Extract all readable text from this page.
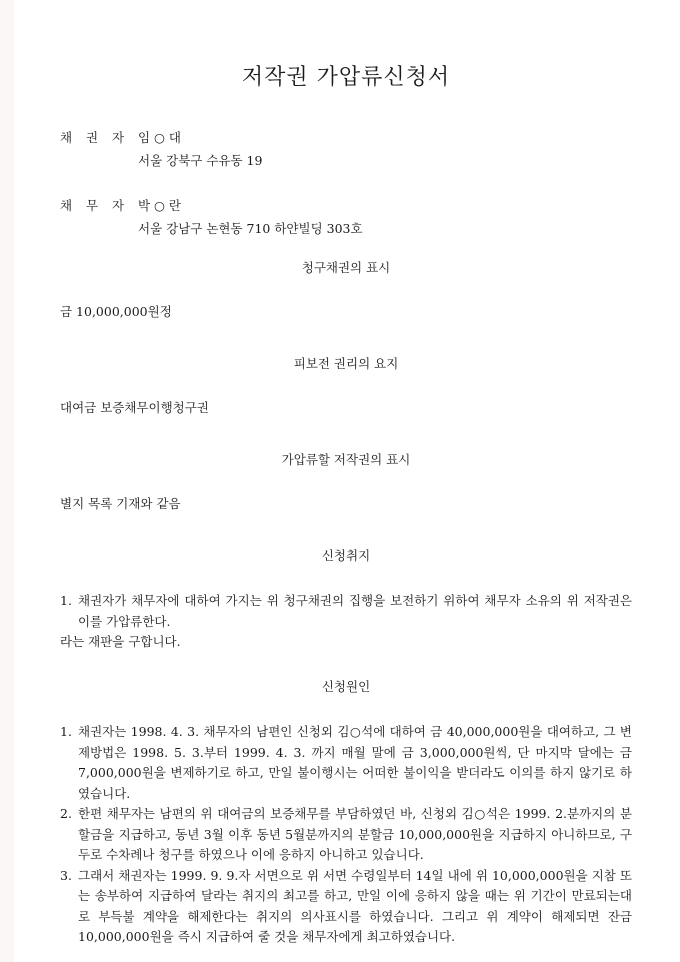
저작권 가압류신청서
채 권 자	임 ○ 대
서울 강북구 수유동 19
채 무 자	박 ○ 란
서울 강남구 논현동 710 하얀빌딩 303호
청구채권의 표시

금 10,000,000원정

피보전 권리의 요지

대여금 보증채무이행청구권

가압류할 저작권의 표시

별지 목록 기재와 같음

신청취지
1. 채권자가 채무자에 대하여 가지는 위 청구채권의 집행을 보전하기 위하여 채무자 소유의 위 저작권은 이를 가압류한다.

라는 재판을 구합니다.

신청원인
1. 채권자는 1998. 4. 3. 채무자의 남편인 신청외 김○석에 대하여 금 40,000,000원을 대여하고, 그 변제방법은 1998. 5. 3.부터 1999. 4. 3. 까지 매월 말에 금 3,000,000원씩, 단 마지막 달에는 금 7,000,000원을 변제하기로 하고, 만일 불이행시는 어떠한 불이익을 받더라도 이의를 하지 않기로 하였습니다.
2. 한편 채무자는 남편의 위 대여금의 보증채무를 부담하였던 바, 신청외 김○석은 1999. 2.분까지의 분할금을 지급하고, 동년 3월 이후 동년 5월분까지의 분할금 10,000,000원을 지급하지 아니하므로, 구두로 수차례나 청구를 하였으나 이에 응하지 아니하고 있습니다.
3. 그래서 채권자는 1999. 9. 9.자 서면으로 위 서면 수령일부터 14일 내에 위 10,000,000원을 지참 또는 송부하여 지급하여 달라는 취지의 최고를 하고, 만일 이에 응하지 않을 때는 위 기간이 만료되는대로 부득불 계약을 해제한다는 취지의 의사표시를 하였습니다. 그리고 위 계약이 해제되면 잔금 10,000,000원을 즉시 지급하여 줄 것을 채무자에게 최고하였습니다.
